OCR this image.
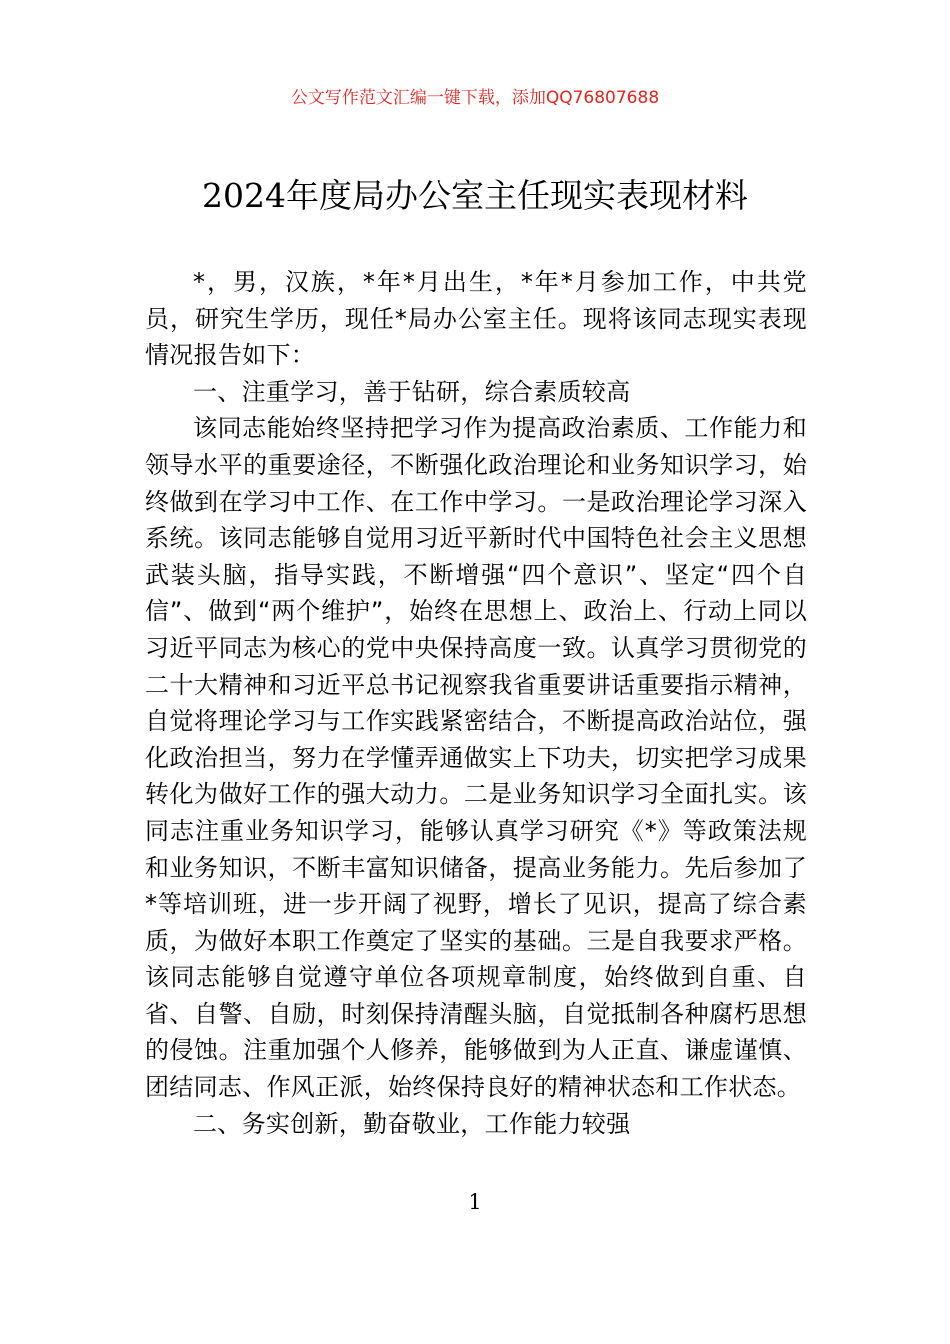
公文写作范文汇编一键下载，添加QQ76807688
2024年度局办公室主任现实表现材料

*，男，汉族，*年*月出生，*年*月参加工作，中共党员，研究生学历，现任*局办公室主任。现将该同志现实表现情况报告如下：

一、注重学习，善于钻研，综合素质较高

该同志能始终坚持把学习作为提高政治素质、工作能力和领导水平的重要途径，不断强化政治理论和业务知识学习，始终做到在学习中工作、在工作中学习。一是政治理论学习深入系统。该同志能够自觉用习近平新时代中国特色社会主义思想武装头脑，指导实践，不断增强“四个意识”、坚定“四个自信”、做到“两个维护”，始终在思想上、政治上、行动上同以习近平同志为核心的党中央保持高度一致。认真学习贯彻党的二十大精神和习近平总书记视察我省重要讲话重要指示精神，自觉将理论学习与工作实践紧密结合，不断提高政治站位，强化政治担当，努力在学懂弄通做实上下功夫，切实把学习成果转化为做好工作的强大动力。二是业务知识学习全面扎实。该同志注重业务知识学习，能够认真学习研究《*》等政策法规和业务知识，不断丰富知识储备，提高业务能力。先后参加了*等培训班，进一步开阔了视野，增长了见识，提高了综合素质，为做好本职工作奠定了坚实的基础。三是自我要求严格。该同志能够自觉遵守单位各项规章制度，始终做到自重、自省、自警、自励，时刻保持清醒头脑，自觉抵制各种腐朽思想的侵蚀。注重加强个人修养，能够做到为人正直、谦虚谨慎、团结同志、作风正派，始终保持良好的精神状态和工作状态。

二、务实创新，勤奋敬业，工作能力较强

1
